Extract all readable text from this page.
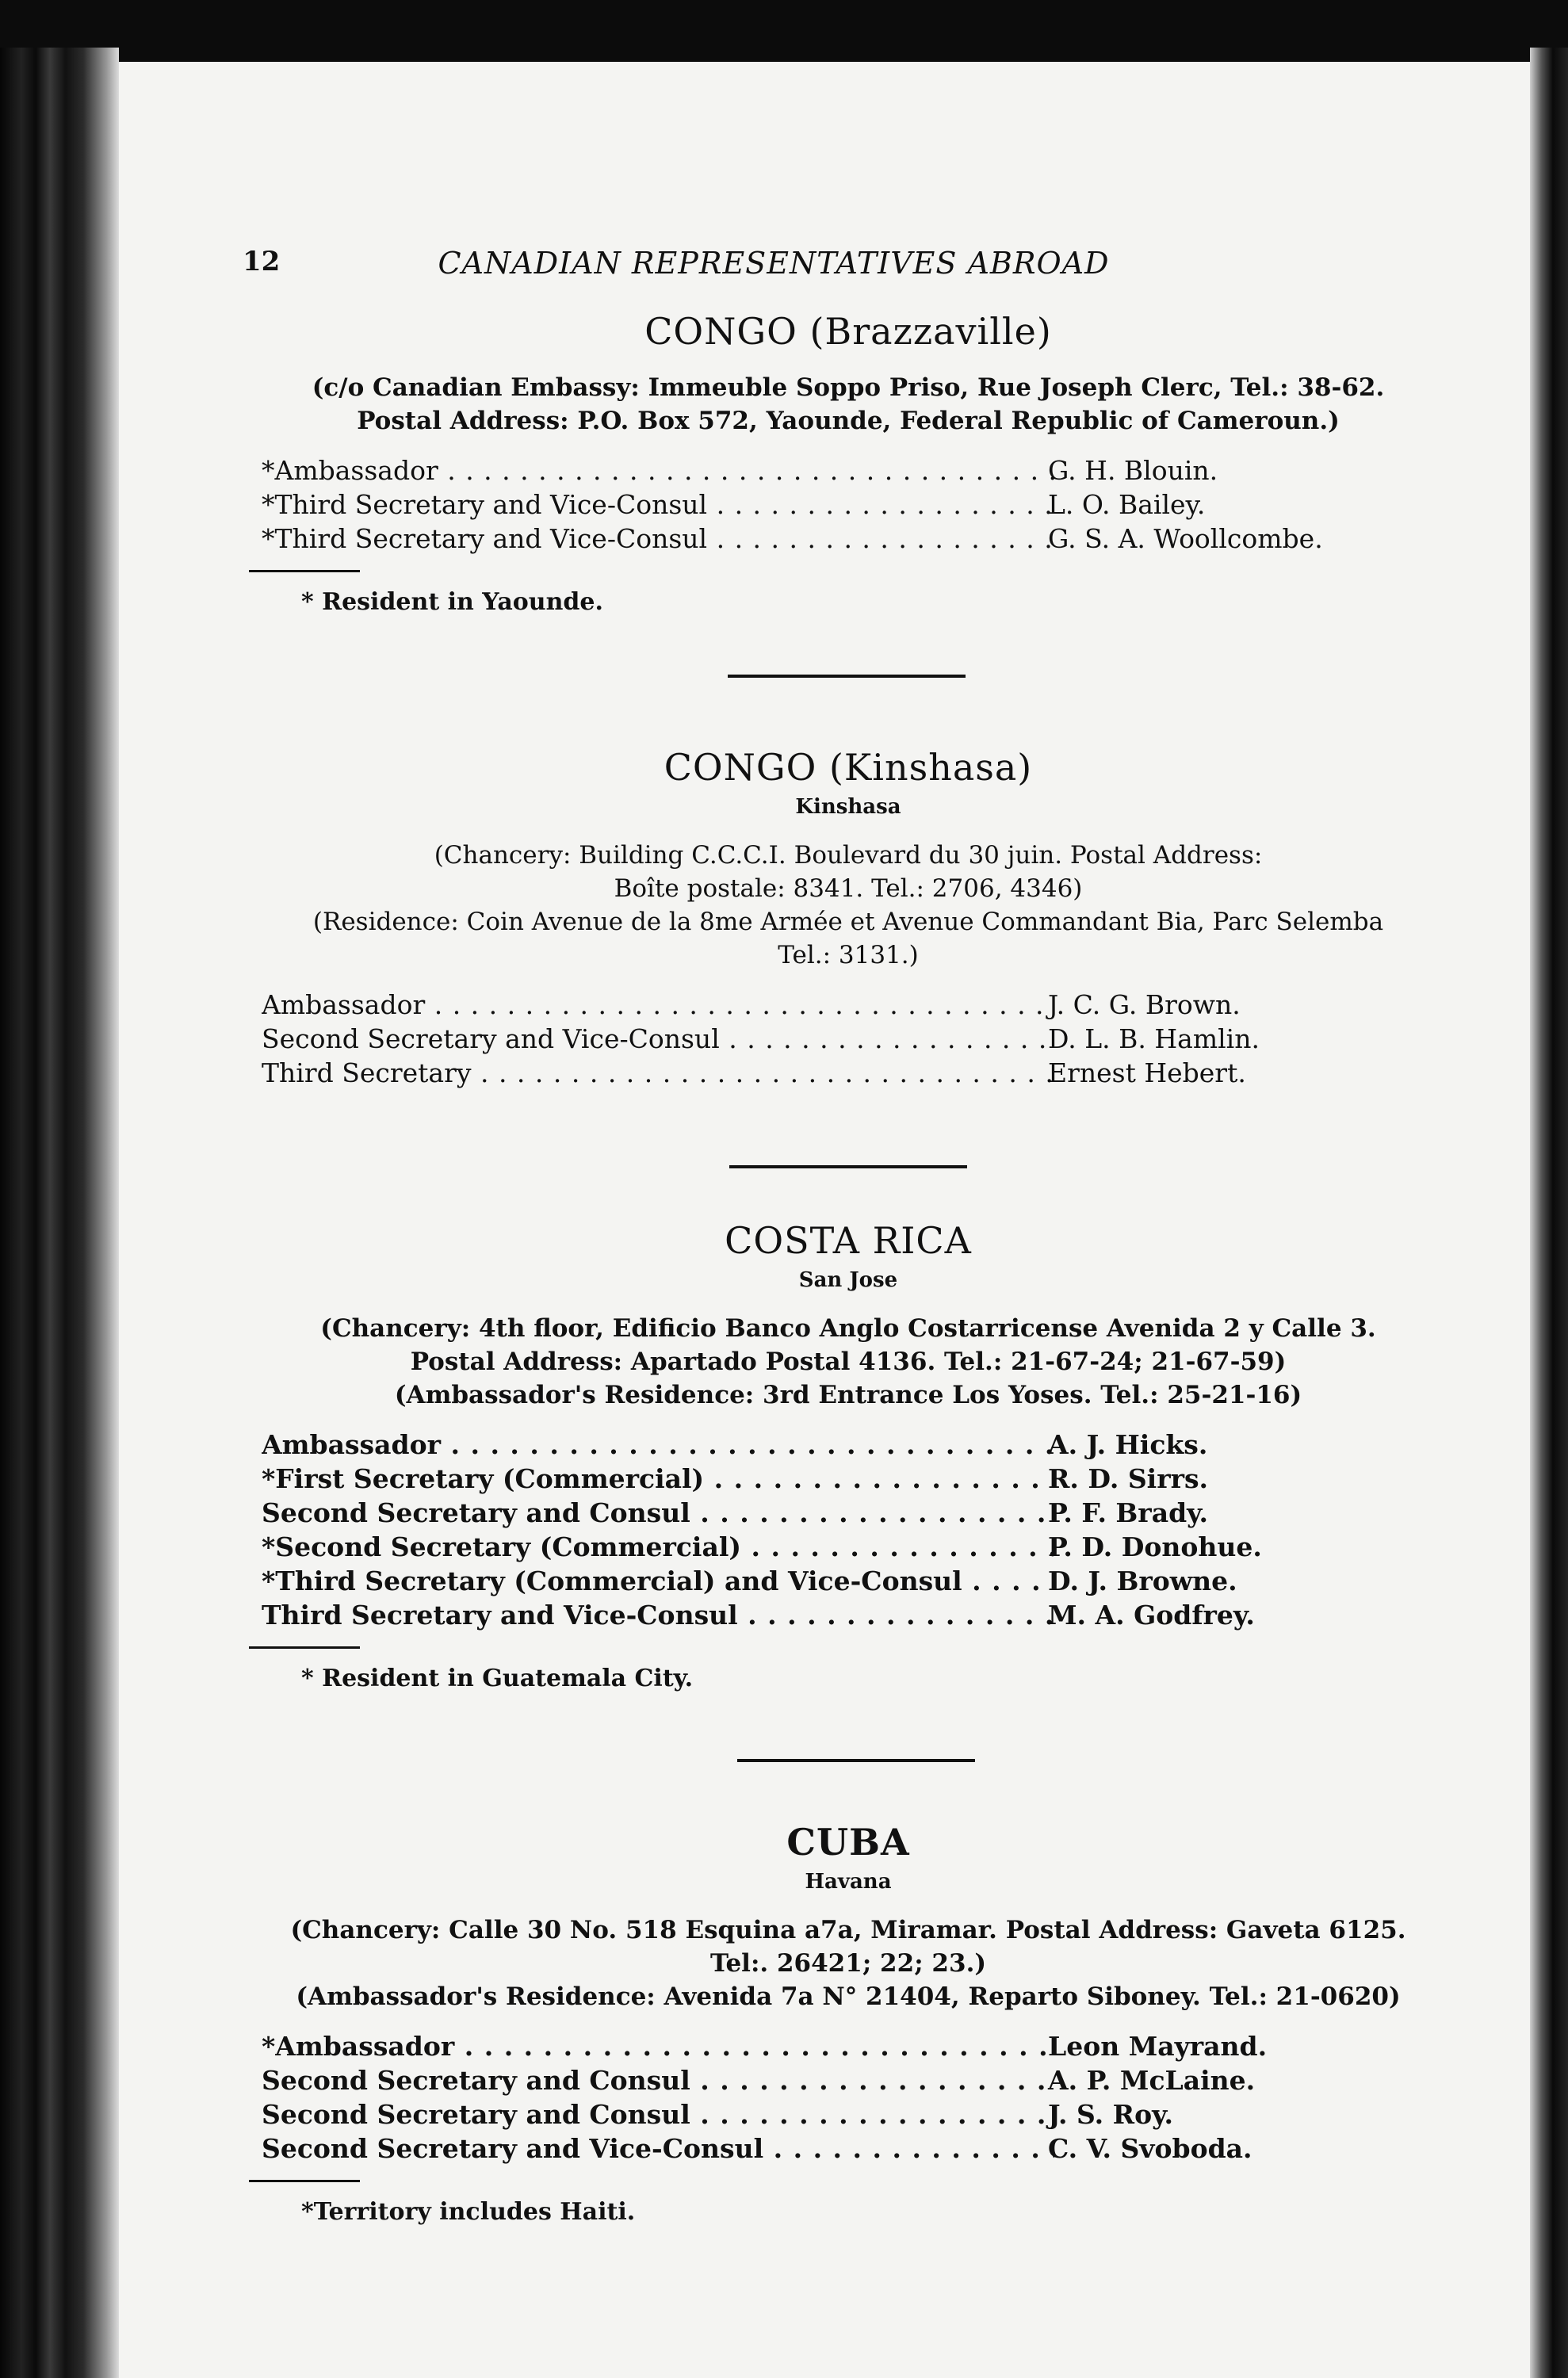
12	CANADIAN REPRESENTATIVES ABROAD
CONGO (Brazzaville)
(c/o Canadian Embassy: Immeuble Soppo Priso, Rue Joseph Clerc, Tel.: 38-62.
Postal Address: P.O. Box 572, Yaounde, Federal Republic of Cameroun.)
*Ambassador . . .	G. H. Blouin.
*Third Secretary and Vice-Consul . . .	L. O. Bailey.
*Third Secretary and Vice-Consul . . .	G. S. A. Woollcombe.
* Resident in Yaounde.
CONGO (Kinshasa)
Kinshasa
(Chancery: Building C.C.C.I. Boulevard du 30 juin. Postal Address:
Boîte postale: 8341. Tel.: 2706, 4346)
(Residence: Coin Avenue de la 8me Armée et Avenue Commandant Bia, Parc Selemba
Tel.: 3131.)
Ambassador . . .	J. C. G. Brown.
Second Secretary and Vice-Consul . . .	D. L. B. Hamlin.
Third Secretary . . .	Ernest Hebert.
COSTA RICA
San Jose
(Chancery: 4th floor, Edificio Banco Anglo Costarricense Avenida 2 y Calle 3.
Postal Address: Apartado Postal 4136. Tel.: 21-67-24; 21-67-59)
(Ambassador's Residence: 3rd Entrance Los Yoses. Tel.: 25-21-16)
Ambassador . . .	A. J. Hicks.
*First Secretary (Commercial) . . .	R. D. Sirrs.
Second Secretary and Consul . . .	P. F. Brady.
*Second Secretary (Commercial) . . .	P. D. Donohue.
*Third Secretary (Commercial) and Vice-Consul . . .	D. J. Browne.
Third Secretary and Vice-Consul . . .	M. A. Godfrey.
* Resident in Guatemala City.
CUBA
Havana
(Chancery: Calle 30 No. 518 Esquina a7a, Miramar. Postal Address: Gaveta 6125.
Tel:. 26421; 22; 23.)
(Ambassador's Residence: Avenida 7a N° 21404, Reparto Siboney. Tel.: 21-0620)
*Ambassador . . .	Leon Mayrand.
Second Secretary and Consul . . .	A. P. McLaine.
Second Secretary and Consul . . .	J. S. Roy.
Second Secretary and Vice-Consul . . .	C. V. Svoboda.
*Territory includes Haiti.
